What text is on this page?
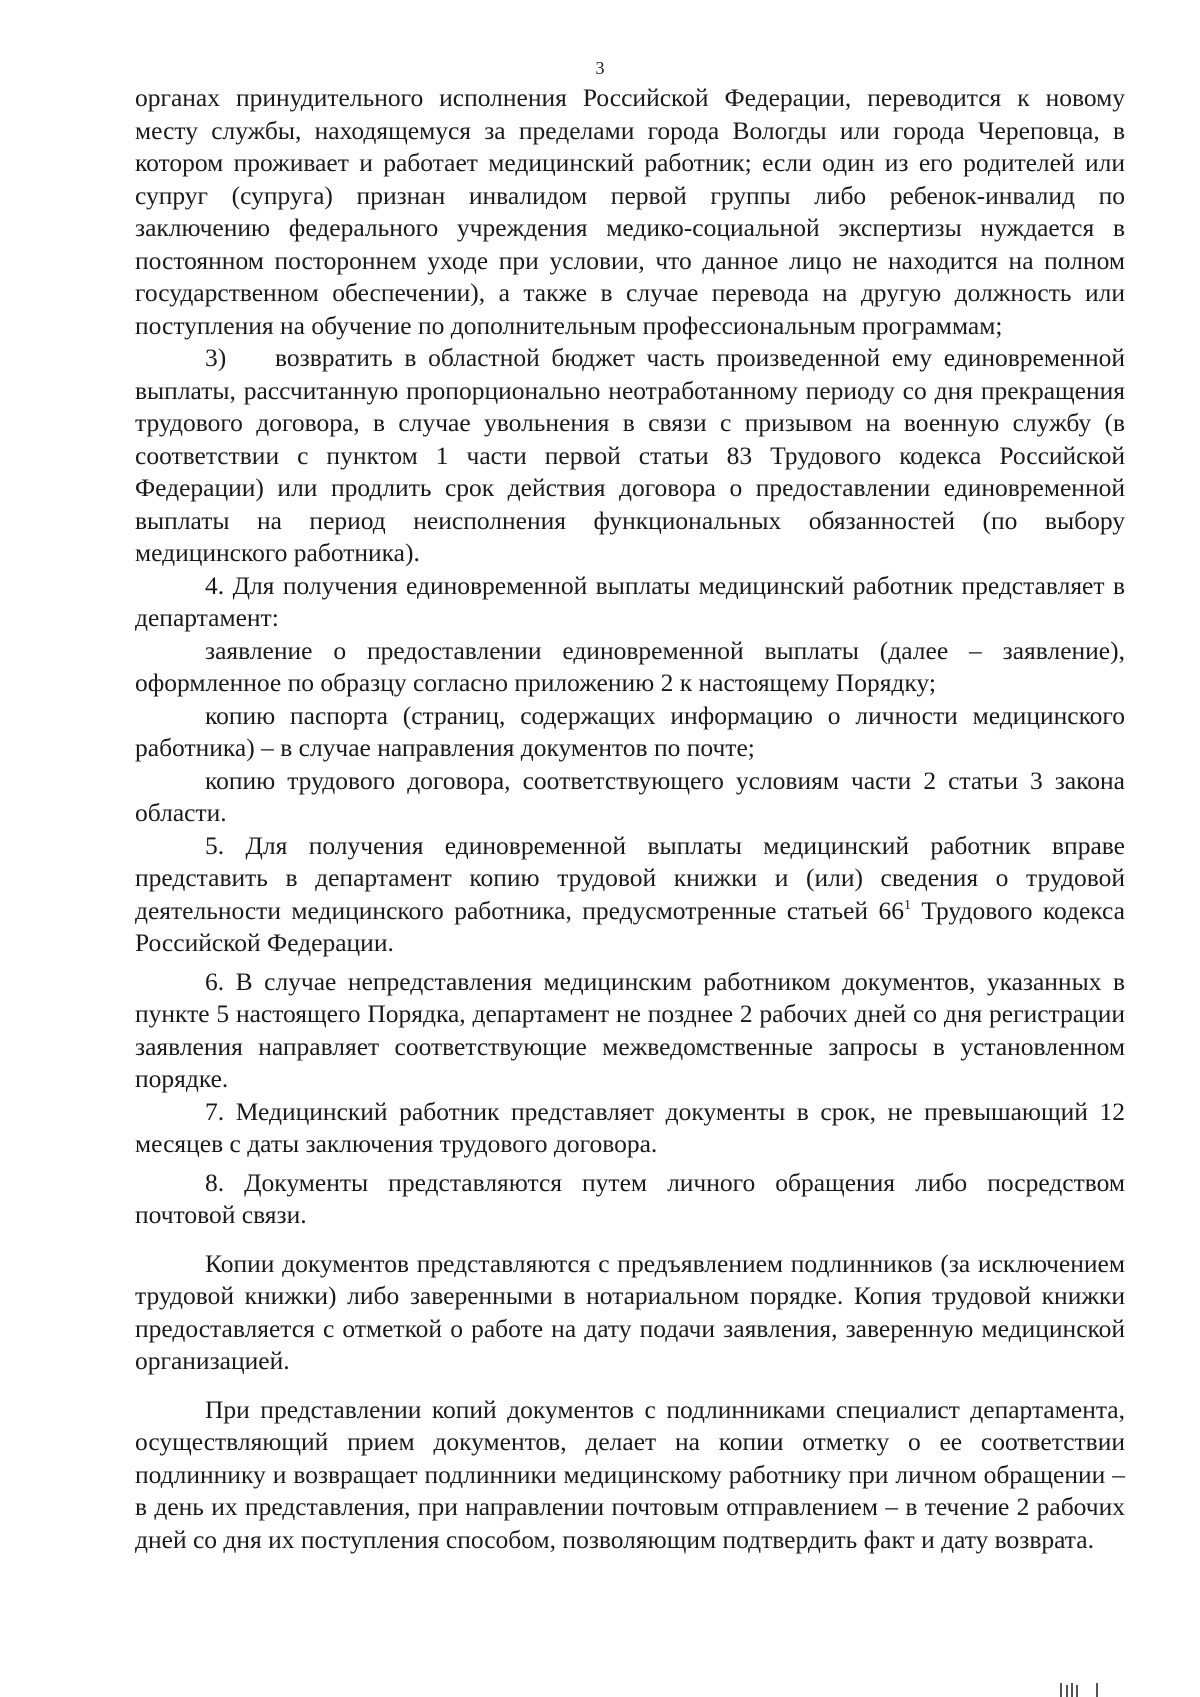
3

органах принудительного исполнения Российской Федерации, переводится к новому месту службы, находящемуся за пределами города Вологды или города Череповца, в котором проживает и работает медицинский работник; если один из его родителей или супруг (супруга) признан инвалидом первой группы либо ребенок-инвалид по заключению федерального учреждения медико-социальной экспертизы нуждается в постоянном постороннем уходе при условии, что данное лицо не находится на полном государственном обеспечении), а также в случае перевода на другую должность или поступления на обучение по дополнительным профессиональным программам;

3) возвратить в областной бюджет часть произведенной ему единовременной выплаты, рассчитанную пропорционально неотработанному периоду со дня прекращения трудового договора, в случае увольнения в связи с призывом на военную службу (в соответствии с пунктом 1 части первой статьи 83 Трудового кодекса Российской Федерации) или продлить срок действия договора о предоставлении единовременной выплаты на период неисполнения функциональных обязанностей (по выбору медицинского работника).

4. Для получения единовременной выплаты медицинский работник представляет в департамент:

заявление о предоставлении единовременной выплаты (далее – заявление), оформленное по образцу согласно приложению 2 к настоящему Порядку;

копию паспорта (страниц, содержащих информацию о личности медицинского работника) – в случае направления документов по почте;

копию трудового договора, соответствующего условиям части 2 статьи 3 закона области.

5. Для получения единовременной выплаты медицинский работник вправе представить в департамент копию трудовой книжки и (или) сведения о трудовой деятельности медицинского работника, предусмотренные статьей $66^1$ Трудового кодекса Российской Федерации.

6. В случае непредставления медицинским работником документов, указанных в пункте 5 настоящего Порядка, департамент не позднее 2 рабочих дней со дня регистрации заявления направляет соответствующие межведомственные запросы в установленном порядке.

7. Медицинский работник представляет документы в срок, не превышающий 12 месяцев с даты заключения трудового договора.

8. Документы представляются путем личного обращения либо посредством почтовой связи.

Копии документов представляются с предъявлением подлинников (за исключением трудовой книжки) либо заверенными в нотариальном порядке. Копия трудовой книжки предоставляется с отметкой о работе на дату подачи заявления, заверенную медицинской организацией.

При представлении копий документов с подлинниками специалист департамента, осуществляющий прием документов, делает на копии отметку о ее соответствии подлиннику и возвращает подлинники медицинскому работнику при личном обращении – в день их представления, при направлении почтовым отправлением – в течение 2 рабочих дней со дня их поступления способом, позволяющим подтвердить факт и дату возврата.
